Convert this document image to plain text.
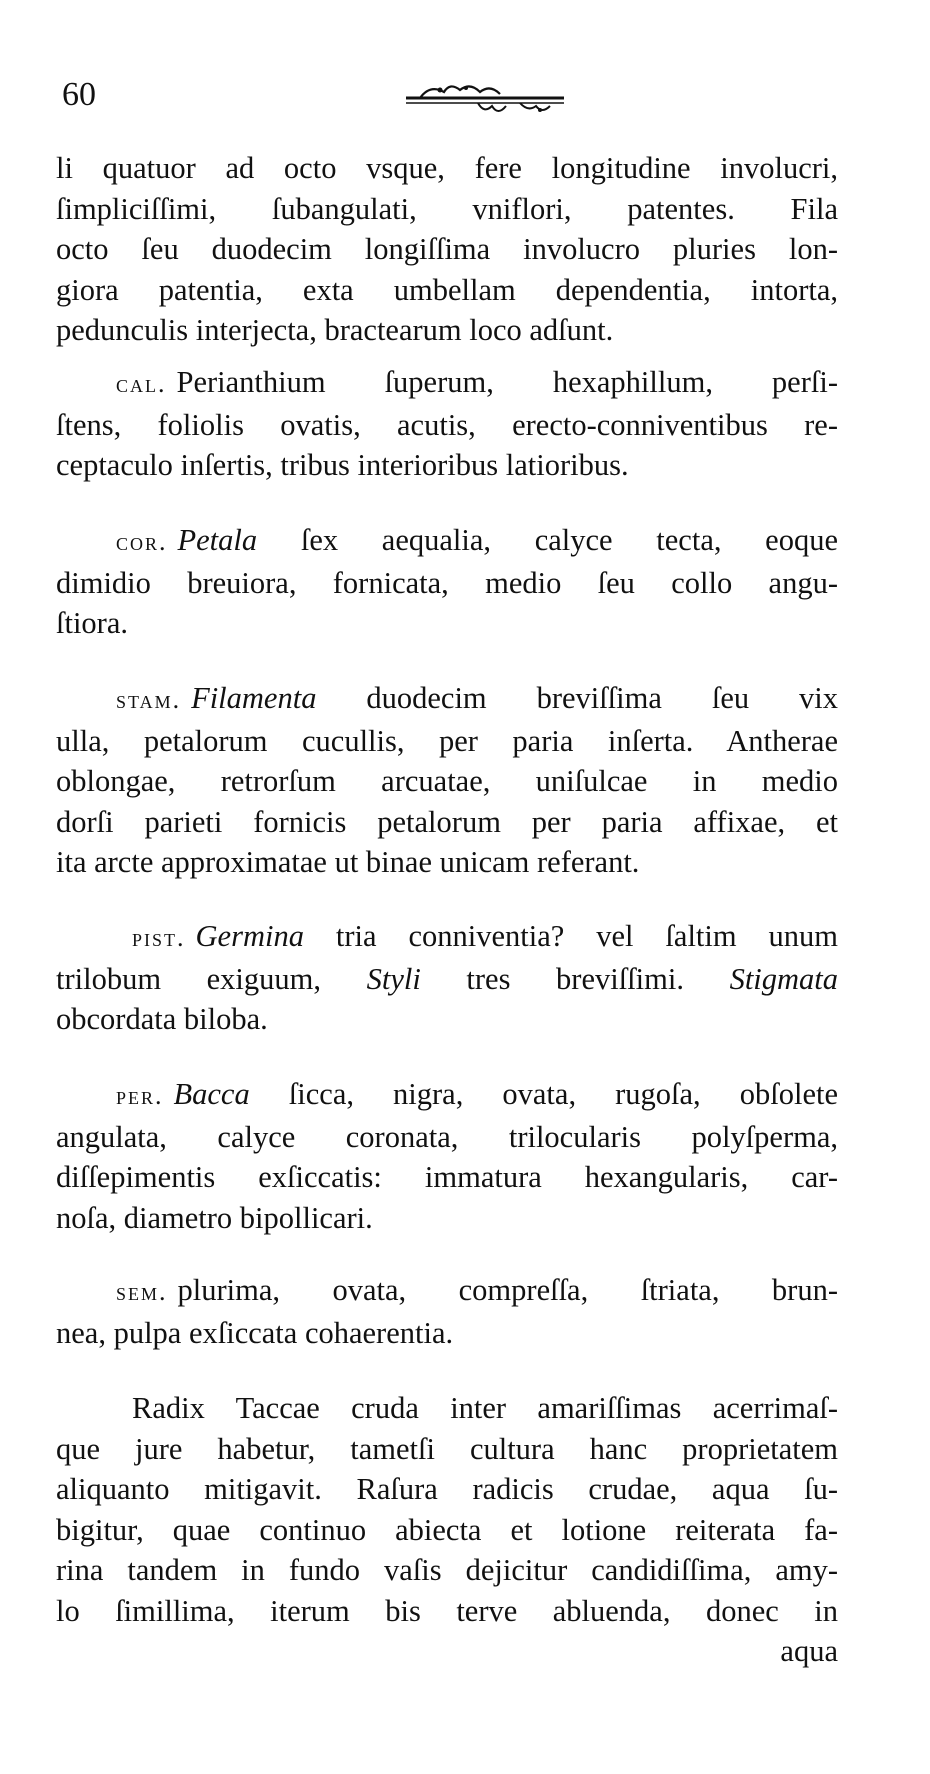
60
li quatuor ad octo vsque, fere longitudine involucri,
ſimpliciſſimi, ſubangulati, vniflori, patentes. Fila
octo ſeu duodecim longiſſima involucro pluries lon-
giora patentia, exta umbellam dependentia, intorta,
pedunculis interjecta, bractearum loco adſunt.
cal. Perianthium ſuperum, hexaphillum, perſi-
ſtens, foliolis ovatis, acutis, erecto-conniventibus re-
ceptaculo inſertis, tribus interioribus latioribus.
cor. Petala ſex aequalia, calyce tecta, eoque
dimidio breuiora, fornicata, medio ſeu collo angu-
ſtiora.
stam. Filamenta duodecim breviſſima ſeu vix
ulla, petalorum cucullis, per paria inſerta. Antherae
oblongae, retrorſum arcuatae, uniſulcae in medio
dorſi parieti fornicis petalorum per paria affixae, et
ita arcte approximatae ut binae unicam referant.
pist. Germina tria conniventia? vel ſaltim unum
trilobum exiguum, Styli tres breviſſimi. Stigmata
obcordata biloba.
per. Bacca ſicca, nigra, ovata, rugoſa, obſolete
angulata, calyce coronata, trilocularis polyſperma,
diſſepimentis exſiccatis: immatura hexangularis, car-
noſa, diametro bipollicari.
sem. plurima, ovata, compreſſa, ſtriata, brun-
nea, pulpa exſiccata cohaerentia.
Radix Taccae cruda inter amariſſimas acerrimaſ-
que jure habetur, tametſi cultura hanc proprietatem
aliquanto mitigavit. Raſura radicis crudae, aqua ſu-
bigitur, quae continuo abiecta et lotione reiterata fa-
rina tandem in fundo vaſis dejicitur candidiſſima, amy-
lo ſimillima, iterum bis terve abluenda, donec in
aqua
